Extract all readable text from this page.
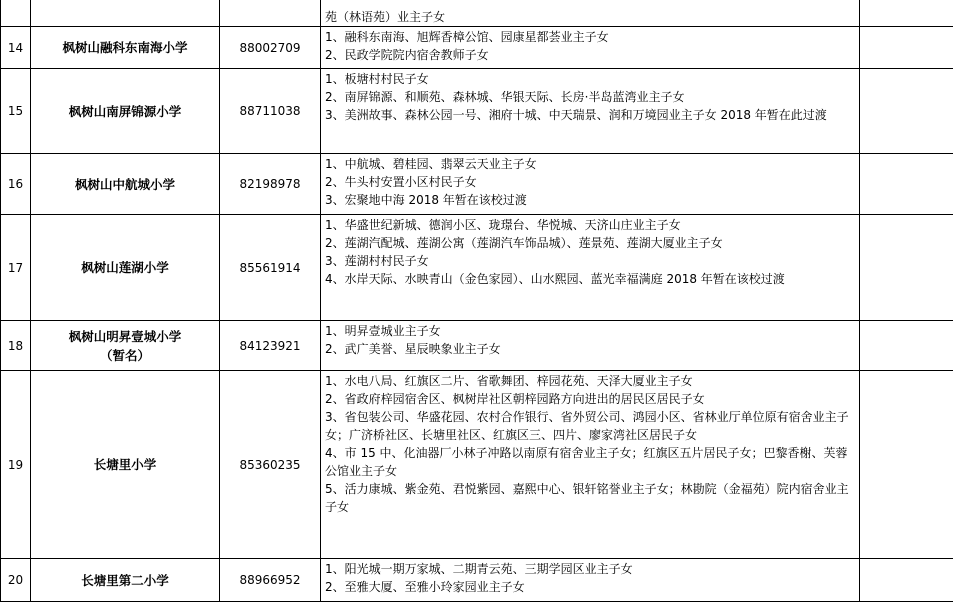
			苑（林语苑）业主子女	

14	枫树山融科东南海小学	88002709	1、融科东南海、旭辉香樟公馆、园康星都荟业主子女
2、民政学院院内宿舍教师子女	

15	枫树山南屏锦源小学	88711038	1、板塘村村民子女
2、南屏锦源、和顺苑、森林城、华银天际、长房·半岛蓝湾业主子女
3、美洲故事、森林公园一号、湘府十城、中天瑞景、润和万境园业主子女 2018 年暂在此过渡	

16	枫树山中航城小学	82198978	1、中航城、碧桂园、翡翠云天业主子女
2、牛头村安置小区村民子女
3、宏聚地中海 2018 年暂在该校过渡	

17	枫树山莲湖小学	85561914	1、华盛世纪新城、德润小区、珑璟台、华悦城、天济山庄业主子女
2、莲湖汽配城、莲湖公寓（莲湖汽车饰品城）、莲景苑、莲湖大厦业主子女
3、莲湖村村民子女
4、水岸天际、水映青山（金色家园）、山水熙园、蓝光幸福满庭 2018 年暂在该校过渡	

18	枫树山明昇壹城小学（暂名）	84123921	1、明昇壹城业主子女
2、武广美誉、星辰映象业主子女	

19	长塘里小学	85360235	1、水电八局、红旗区二片、省歌舞团、梓园花苑、天泽大厦业主子女
2、省政府梓园宿舍区、枫树岸社区朝梓园路方向进出的居民区居民子女
3、省包装公司、华盛花园、农村合作银行、省外贸公司、鸿园小区、省林业厅单位原有宿舍业主子女；广济桥社区、长塘里社区、红旗区三、四片、廖家湾社区居民子女
4、市 15 中、化油器厂小林子冲路以南原有宿舍业主子女；红旗区五片居民子女；巴黎香榭、芙蓉公馆业主子女
5、活力康城、紫金苑、君悦紫园、嘉熙中心、银轩铭誉业主子女；林勘院（金福苑）院内宿舍业主子女	

20	长塘里第二小学	88966952	1、阳光城一期万家城、二期青云苑、三期学园区业主子女
2、至雅大厦、至雅小玲家园业主子女	
